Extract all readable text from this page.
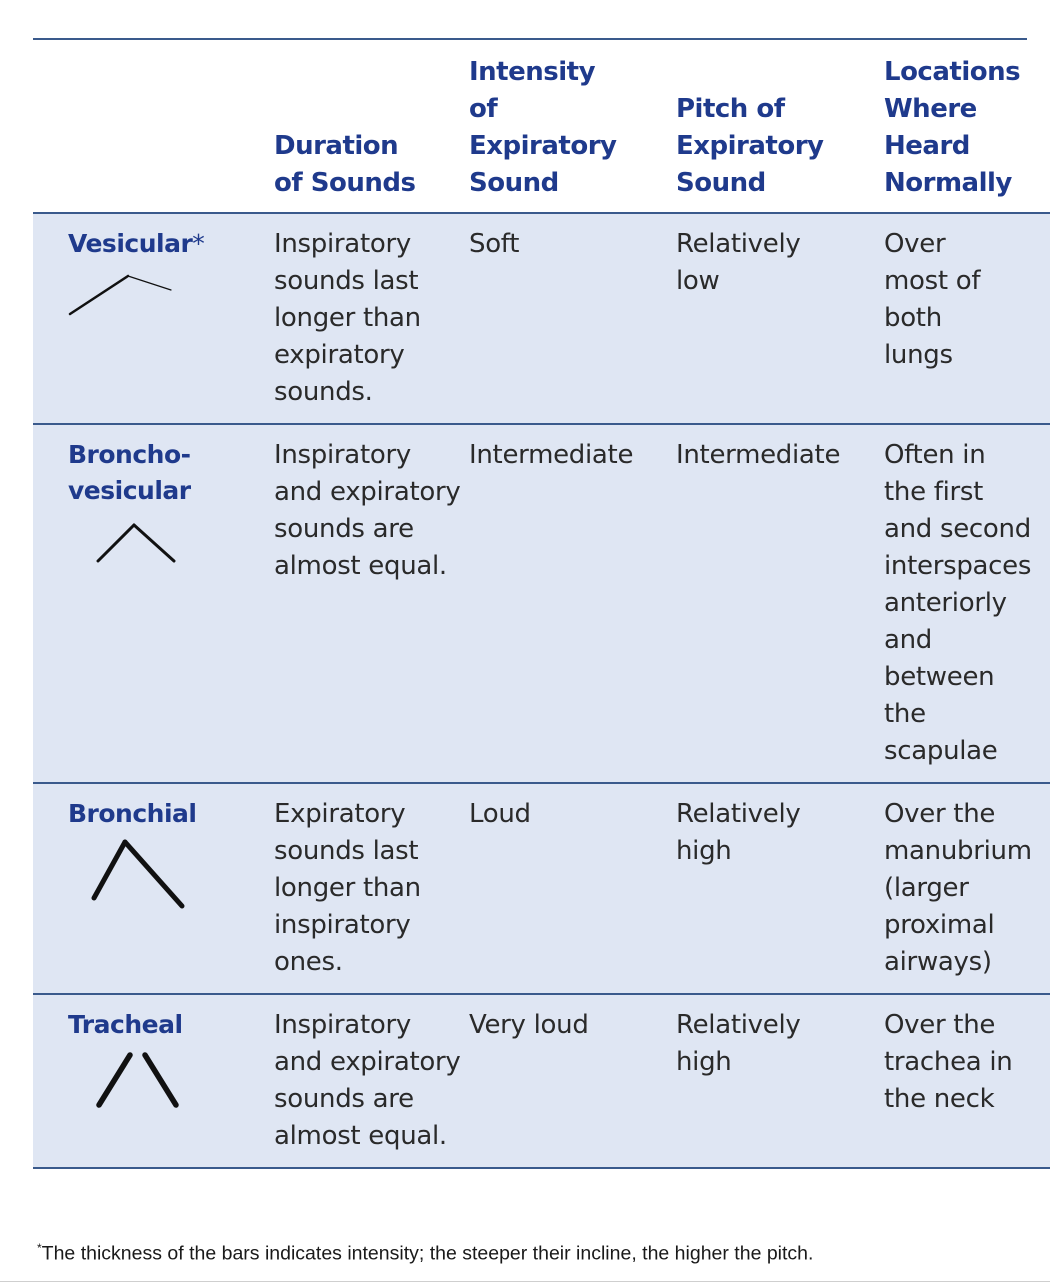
	Duration of Sounds	Intensity of Expiratory Sound	Pitch of Expiratory Sound	Locations Where Heard Normally

Vesicular*	Inspiratory sounds last longer than expiratory sounds.	Soft	Relatively low	Over most of both lungs

Broncho-vesicular	Inspiratory and expiratory sounds are almost equal.	Intermediate	Intermediate	Often in the first and second interspaces anteriorly and between the scapulae

Bronchial	Expiratory sounds last longer than inspiratory ones.	Loud	Relatively high	Over the manubrium (larger proximal airways)

Tracheal	Inspiratory and expiratory sounds are almost equal.	Very loud	Relatively high	Over the trachea in the neck
*The thickness of the bars indicates intensity; the steeper their incline, the higher the pitch.
